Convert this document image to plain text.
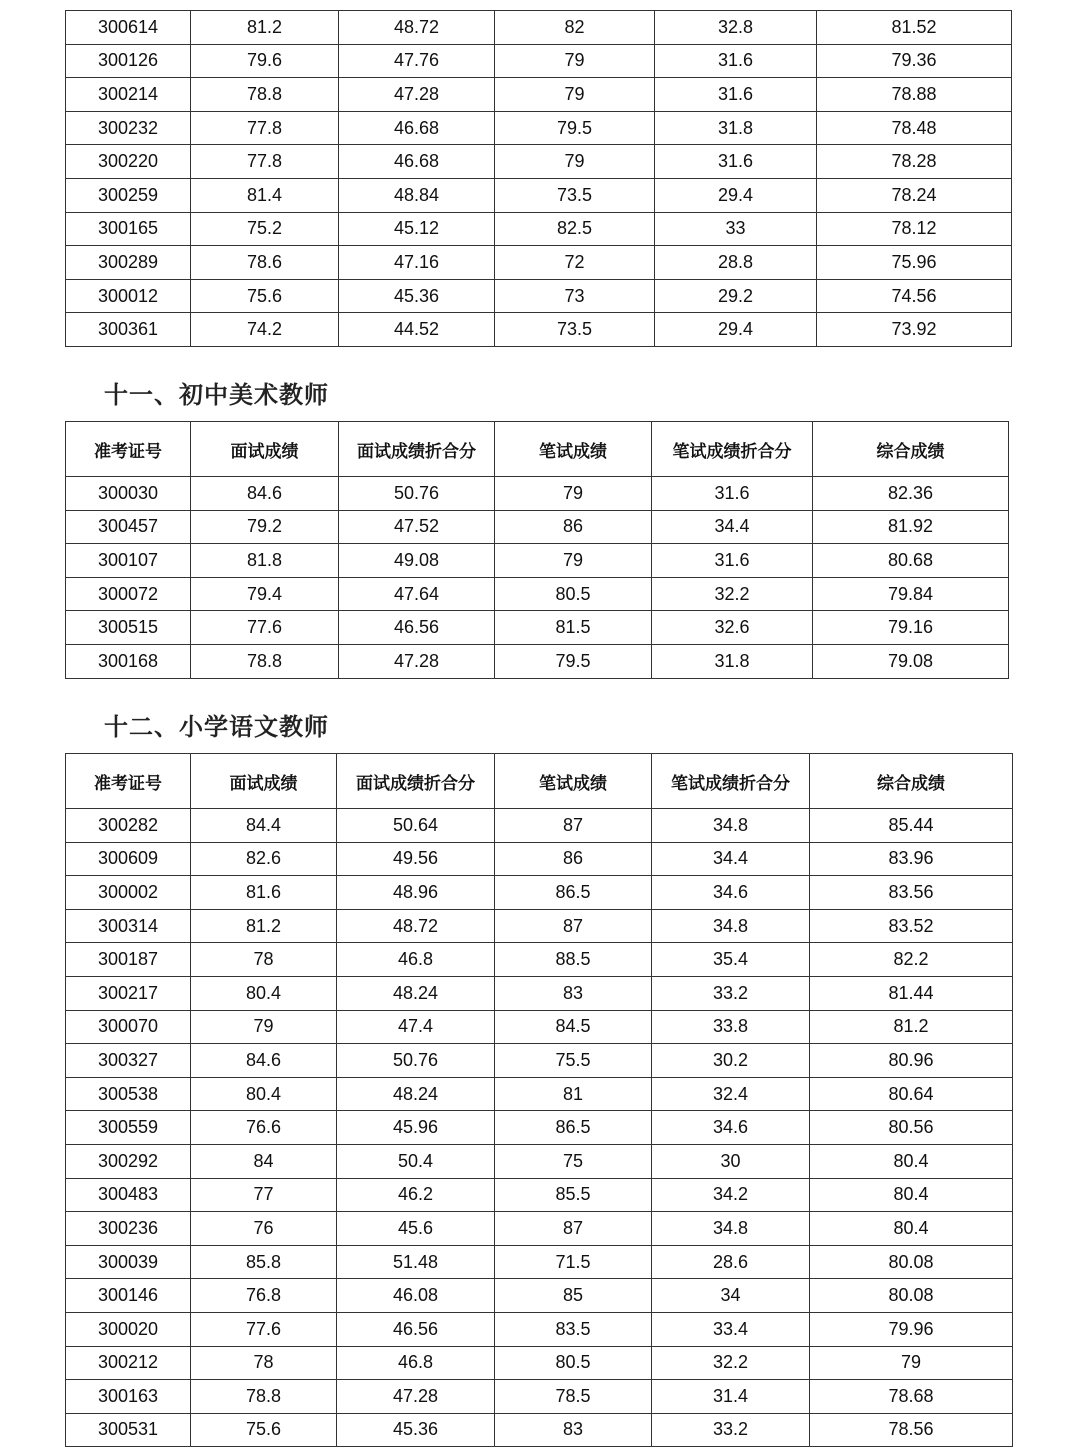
300614	81.2	48.72	82	32.8	81.52
300126	79.6	47.76	79	31.6	79.36
300214	78.8	47.28	79	31.6	78.88
300232	77.8	46.68	79.5	31.8	78.48
300220	77.8	46.68	79	31.6	78.28
300259	81.4	48.84	73.5	29.4	78.24
300165	75.2	45.12	82.5	33	78.12
300289	78.6	47.16	72	28.8	75.96
300012	75.6	45.36	73	29.2	74.56
300361	74.2	44.52	73.5	29.4	73.92
十一、初中美术教师
准考证号	面试成绩	面试成绩折合分	笔试成绩	笔试成绩折合分	综合成绩
300030	84.6	50.76	79	31.6	82.36
300457	79.2	47.52	86	34.4	81.92
300107	81.8	49.08	79	31.6	80.68
300072	79.4	47.64	80.5	32.2	79.84
300515	77.6	46.56	81.5	32.6	79.16
300168	78.8	47.28	79.5	31.8	79.08
十二、小学语文教师
准考证号	面试成绩	面试成绩折合分	笔试成绩	笔试成绩折合分	综合成绩
300282	84.4	50.64	87	34.8	85.44
300609	82.6	49.56	86	34.4	83.96
300002	81.6	48.96	86.5	34.6	83.56
300314	81.2	48.72	87	34.8	83.52
300187	78	46.8	88.5	35.4	82.2
300217	80.4	48.24	83	33.2	81.44
300070	79	47.4	84.5	33.8	81.2
300327	84.6	50.76	75.5	30.2	80.96
300538	80.4	48.24	81	32.4	80.64
300559	76.6	45.96	86.5	34.6	80.56
300292	84	50.4	75	30	80.4
300483	77	46.2	85.5	34.2	80.4
300236	76	45.6	87	34.8	80.4
300039	85.8	51.48	71.5	28.6	80.08
300146	76.8	46.08	85	34	80.08
300020	77.6	46.56	83.5	33.4	79.96
300212	78	46.8	80.5	32.2	79
300163	78.8	47.28	78.5	31.4	78.68
300531	75.6	45.36	83	33.2	78.56
